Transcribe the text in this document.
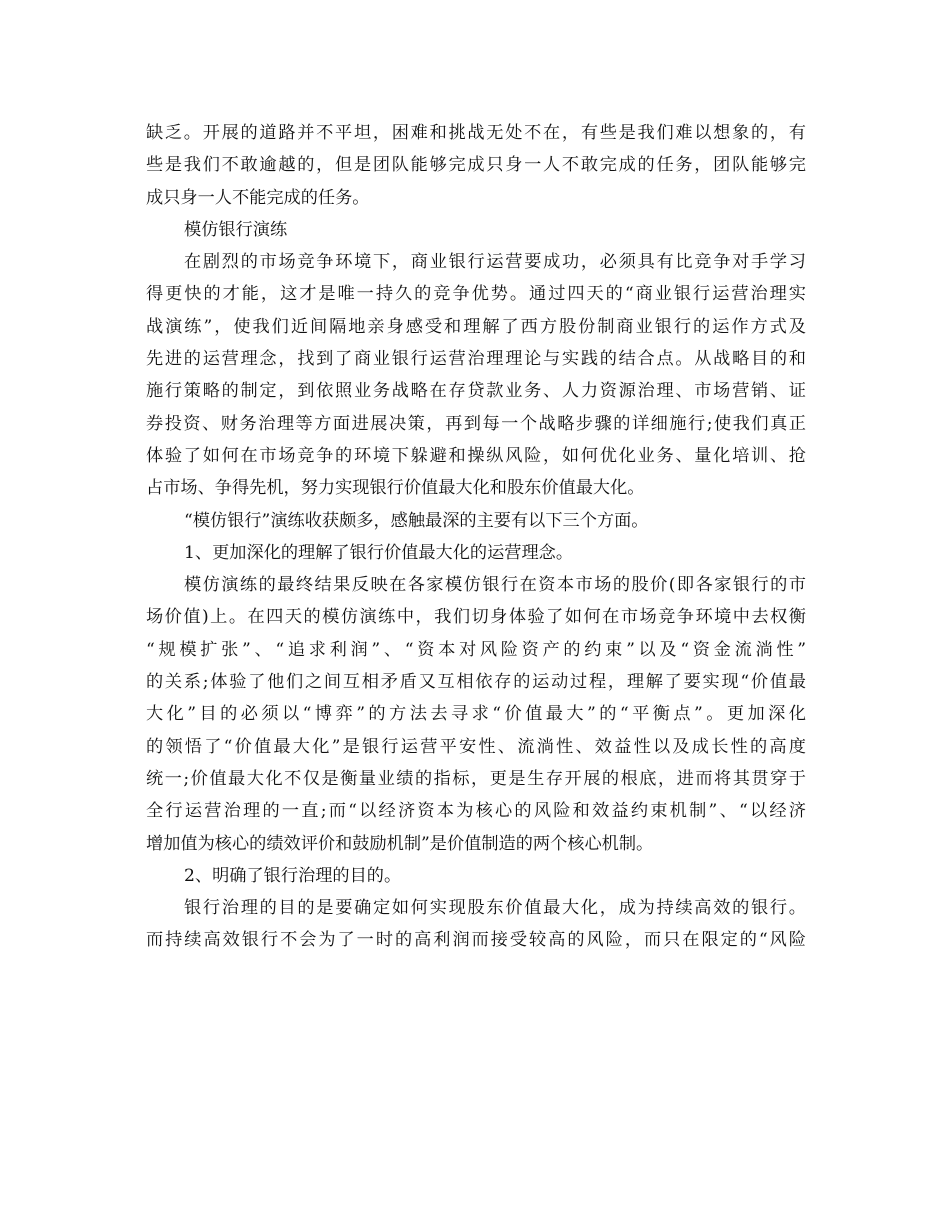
缺乏。开展的道路并不平坦，困难和挑战无处不在，有些是我们难以想象的，有
些是我们不敢逾越的，但是团队能够完成只身一人不敢完成的任务，团队能够完
成只身一人不能完成的任务。
模仿银行演练
在剧烈的市场竞争环境下，商业银行运营要成功，必须具有比竞争对手学习
得更快的才能，这才是唯一持久的竞争优势。通过四天的“商业银行运营治理实
战演练”，使我们近间隔地亲身感受和理解了西方股份制商业银行的运作方式及
先进的运营理念，找到了商业银行运营治理理论与实践的结合点。从战略目的和
施行策略的制定，到依照业务战略在存贷款业务、人力资源治理、市场营销、证
券投资、财务治理等方面进展决策，再到每一个战略步骤的详细施行;使我们真正
体验了如何在市场竞争的环境下躲避和操纵风险，如何优化业务、量化培训、抢
占市场、争得先机，努力实现银行价值最大化和股东价值最大化。
“模仿银行”演练收获颇多，感触最深的主要有以下三个方面。
1、更加深化的理解了银行价值最大化的运营理念。
模仿演练的最终结果反映在各家模仿银行在资本市场的股价(即各家银行的市
场价值)上。在四天的模仿演练中，我们切身体验了如何在市场竞争环境中去权衡
“规模扩张”、“追求利润”、“资本对风险资产的约束”以及“资金流淌性”
的关系;体验了他们之间互相矛盾又互相依存的运动过程，理解了要实现“价值最
大化”目的必须以“博弈”的方法去寻求“价值最大”的“平衡点”。更加深化
的领悟了“价值最大化”是银行运营平安性、流淌性、效益性以及成长性的高度
统一;价值最大化不仅是衡量业绩的指标，更是生存开展的根底，进而将其贯穿于
全行运营治理的一直;而“以经济资本为核心的风险和效益约束机制”、“以经济
增加值为核心的绩效评价和鼓励机制”是价值制造的两个核心机制。
2、明确了银行治理的目的。
银行治理的目的是要确定如何实现股东价值最大化，成为持续高效的银行。
而持续高效银行不会为了一时的高利润而接受较高的风险，而只在限定的“风险
